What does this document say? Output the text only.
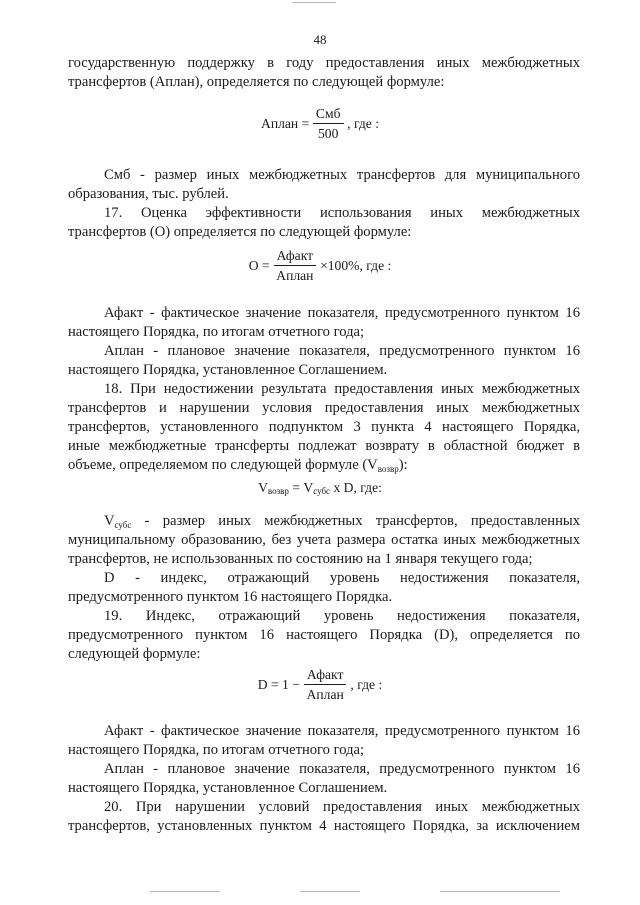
48
государственную поддержку в году предоставления иных межбюджетных
трансфертов (Аплан), определяется по следующей формуле:
Аплан = $\frac{\text{Смб}}{500}$ , где :
Смб - размер иных межбюджетных трансфертов для муниципального
образования, тыс. рублей.
17. Оценка эффективности использования иных межбюджетных
трансфертов (О) определяется по следующей формуле:
$О = \frac{\text{Афакт}}{\text{Аплан}} \times 100\%$, где :
Афакт - фактическое значение показателя, предусмотренного пунктом 16
настоящего Порядка, по итогам отчетного года;
Аплан - плановое значение показателя, предусмотренного пунктом 16
настоящего Порядка, установленное Соглашением.
18. При недостижении результата предоставления иных межбюджетных
трансфертов и нарушении условия предоставления иных межбюджетных
трансфертов, установленного подпунктом 3 пункта 4 настоящего Порядка,
иные межбюджетные трансферты подлежат возврату в областной бюджет в
объеме, определяемом по следующей формуле $(V_{возвр})$:
$V_{возвр} = V_{субс}$ x D, где:
$V_{субс}$ - размер иных межбюджетных трансфертов, предоставленных
муниципальному образованию, без учета размера остатка иных межбюджетных
трансфертов, не использованных по состоянию на 1 января текущего года;
D - индекс, отражающий уровень недостижения показателя,
предусмотренного пунктом 16 настоящего Порядка.
19. Индекс, отражающий уровень недостижения показателя,
предусмотренного пунктом 16 настоящего Порядка (D), определяется по
следующей формуле:
$D = 1 - \frac{\text{Афакт}}{\text{Аплан}}$ , где :
Афакт - фактическое значение показателя, предусмотренного пунктом 16
настоящего Порядка, по итогам отчетного года;
Аплан - плановое значение показателя, предусмотренного пунктом 16
настоящего Порядка, установленное Соглашением.
20. При нарушении условий предоставления иных межбюджетных
трансфертов, установленных пунктом 4 настоящего Порядка, за исключением
